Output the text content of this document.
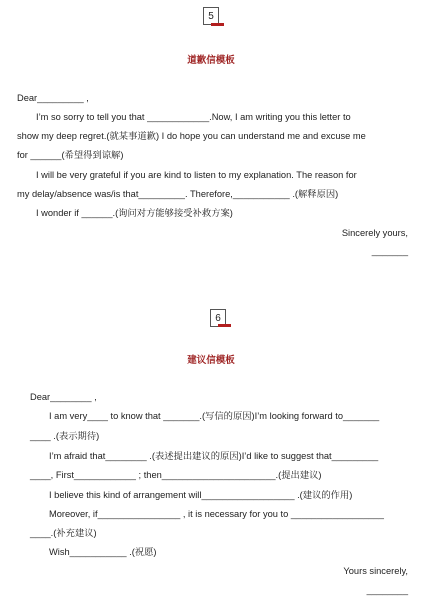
5
道歉信模板
Dear_________ ,
I’m so sorry to tell you that ____________.Now, I am writing you this letter to
show my deep regret.(就某事道歉) I do hope you can understand me and excuse me
for ______(希望得到谅解)
I will be very grateful if you are kind to listen to my explanation. The reason for
my delay/absence was/is that_________. Therefore,___________ .(解释原因)
I wonder if ______.(询问对方能够接受补救方案)
Sincerely yours,
_______
6
建议信模板
Dear________ ,
I am very____ to know that _______.(写信的原因)I’m looking forward to_______
____ .(表示期待)
I’m afraid that________ .(表述提出建议的原因)I’d like to suggest that_________
____, First____________ ; then______________________.(提出建议)
I believe this kind of arrangement will__________________ .(建议的作用)
Moreover, if________________ , it is necessary for you to __________________
____.(补充建议)
Wish___________ .(祝愿)
Yours sincerely,
________
